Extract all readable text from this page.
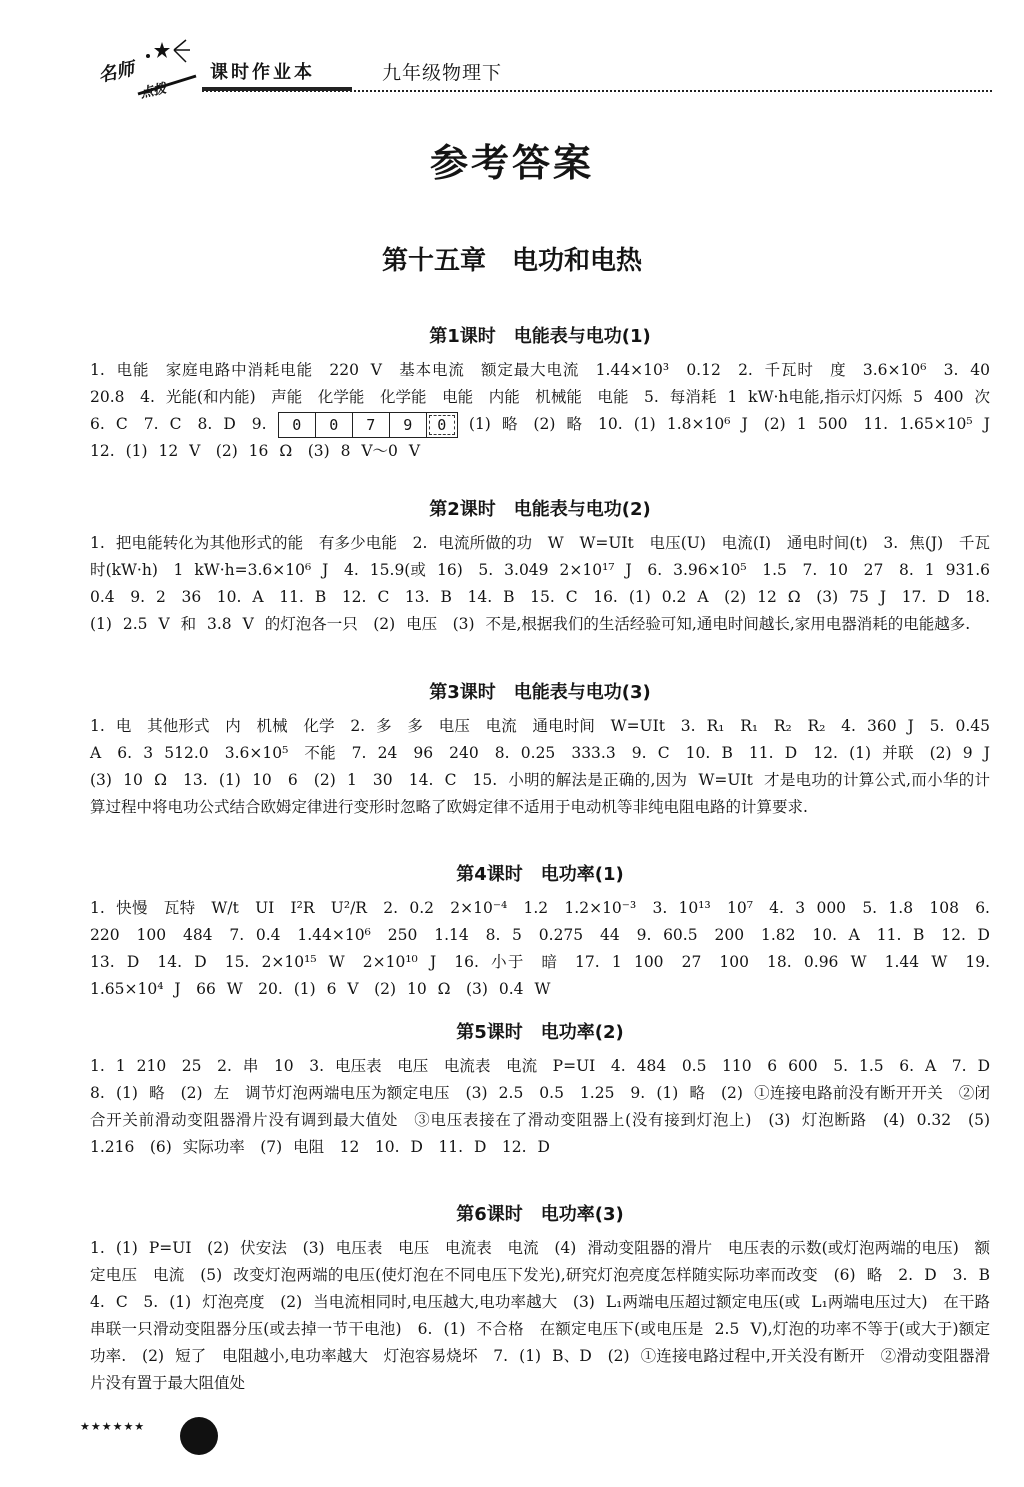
名师
点拨
课时作业本	九年级物理下
参考答案
第十五章　电功和电热
第1课时　电能表与电功(1)
1. 电能　家庭电路中消耗电能　220 V　基本电流　额定最大电流　1.44×10³　0.12　2. 千瓦时　度　3.6×10⁶　3. 40　20.8　4. 光能(和内能)　声能　化学能　化学能　电能　内能　机械能　电能　5. 每消耗 1 kW·h电能,指示灯闪烁 5 400 次　6. C　7. C　8. D　9.	0	0	7	9	0	(1) 略　(2) 略　10. (1) 1.8×10⁶ J　(2) 1 500　11. 1.65×10⁵ J　12. (1) 12 V　(2) 16 Ω　(3) 8 V～0 V
第2课时　电能表与电功(2)
1. 把电能转化为其他形式的能　有多少电能　2. 电流所做的功　W　W=UIt　电压(U)　电流(I)　通电时间(t)　3. 焦(J)　千瓦时(kW·h)　1 kW·h=3.6×10⁶ J　4. 15.9(或 16)　5. 3.049 2×10¹⁷ J　6. 3.96×10⁵　1.5　7. 10　27　8. 1 931.6　0.4　9. 2　36　10. A　11. B　12. C　13. B　14. B　15. C　16. (1) 0.2 A　(2) 12 Ω　(3) 75 J　17. D　18. (1) 2.5 V 和 3.8 V 的灯泡各一只　(2) 电压　(3) 不是,根据我们的生活经验可知,通电时间越长,家用电器消耗的电能越多.
第3课时　电能表与电功(3)
1. 电　其他形式　内　机械　化学　2. 多　多　电压　电流　通电时间　W=UIt　3. R₁　R₁　R₂　R₂　4. 360 J　5. 0.45 A　6. 3 512.0　3.6×10⁵　不能　7. 24　96　240　8. 0.25　333.3　9. C　10. B　11. D　12. (1) 并联　(2) 9 J　(3) 10 Ω　13. (1) 10　6　(2) 1　30　14. C　15. 小明的解法是正确的,因为 W=UIt 才是电功的计算公式,而小华的计算过程中将电功公式结合欧姆定律进行变形时忽略了欧姆定律不适用于电动机等非纯电阻电路的计算要求.
第4课时　电功率(1)
1. 快慢　瓦特　W/t　UI　I²R　U²/R　2. 0.2　2×10⁻⁴　1.2　1.2×10⁻³　3. 10¹³　10⁷　4. 3 000　5. 1.8　108　6. 220　100　484　7. 0.4　1.44×10⁶　250　1.14　8. 5　0.275　44　9. 60.5　200　1.82　10. A　11. B　12. D　13. D　14. D　15. 2×10¹⁵ W　2×10¹⁰ J　16. 小于　暗　17. 1 100　27　100　18. 0.96 W　1.44 W　19. 1.65×10⁴ J　66 W　20. (1) 6 V　(2) 10 Ω　(3) 0.4 W
第5课时　电功率(2)
1. 1 210　25　2. 串　10　3. 电压表　电压　电流表　电流　P=UI　4. 484　0.5　110　6 600　5. 1.5　6. A　7. D　8. (1) 略　(2) 左　调节灯泡两端电压为额定电压　(3) 2.5　0.5　1.25　9. (1) 略　(2) ①连接电路前没有断开开关　②闭合开关前滑动变阻器滑片没有调到最大值处　③电压表接在了滑动变阻器上(没有接到灯泡上)　(3) 灯泡断路　(4) 0.32　(5) 1.216　(6) 实际功率　(7) 电阻　12　10. D　11. D　12. D
第6课时　电功率(3)
1. (1) P=UI　(2) 伏安法　(3) 电压表　电压　电流表　电流　(4) 滑动变阻器的滑片　电压表的示数(或灯泡两端的电压)　额定电压　电流　(5) 改变灯泡两端的电压(使灯泡在不同电压下发光),研究灯泡亮度怎样随实际功率而改变　(6) 略　2. D　3. B　4. C　5. (1) 灯泡亮度　(2) 当电流相同时,电压越大,电功率越大　(3) L₁两端电压超过额定电压(或 L₁两端电压过大)　在干路串联一只滑动变阻器分压(或去掉一节干电池)　6. (1) 不合格　在额定电压下(或电压是 2.5 V),灯泡的功率不等于(或大于)额定功率.　(2) 短了　电阻越小,电功率越大　灯泡容易烧坏　7. (1) B、D　(2) ①连接电路过程中,开关没有断开　②滑动变阻器滑片没有置于最大阻值处
★★★★★★
